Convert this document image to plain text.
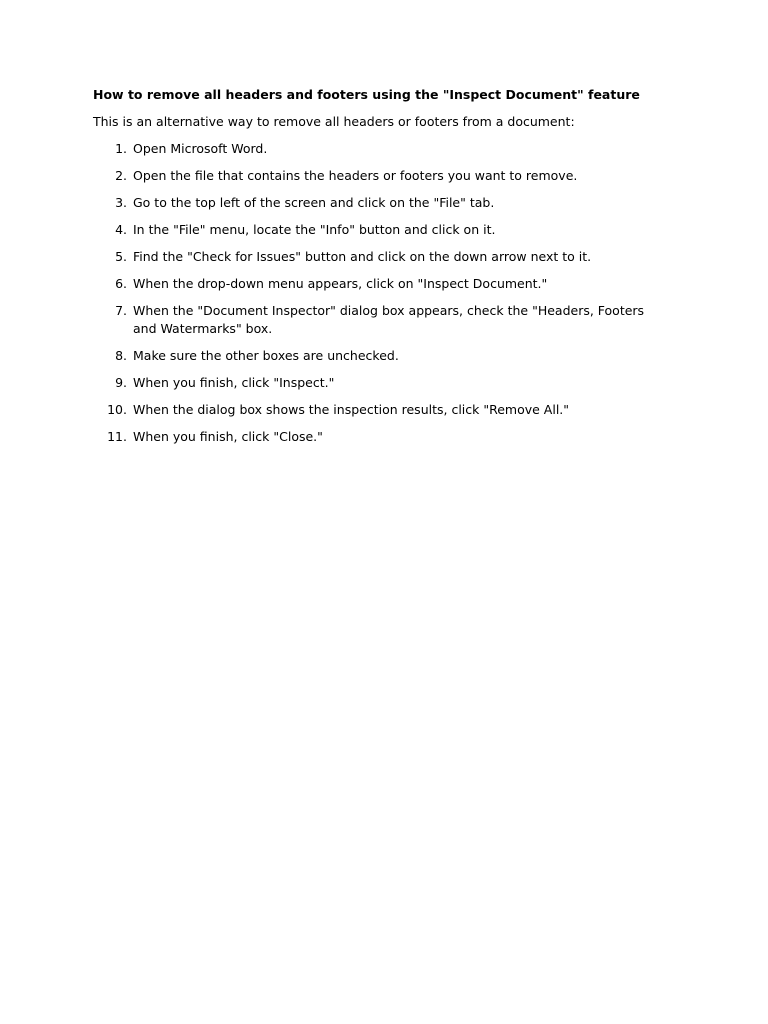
How to remove all headers and footers using the "Inspect Document" feature
This is an alternative way to remove all headers or footers from a document:
1. Open Microsoft Word.
2. Open the file that contains the headers or footers you want to remove.
3. Go to the top left of the screen and click on the "File" tab.
4. In the "File" menu, locate the "Info" button and click on it.
5. Find the "Check for Issues" button and click on the down arrow next to it.
6. When the drop-down menu appears, click on "Inspect Document."
7. When the "Document Inspector" dialog box appears, check the "Headers, Footers and Watermarks" box.
8. Make sure the other boxes are unchecked.
9. When you finish, click "Inspect."
10. When the dialog box shows the inspection results, click "Remove All."
11. When you finish, click "Close."
